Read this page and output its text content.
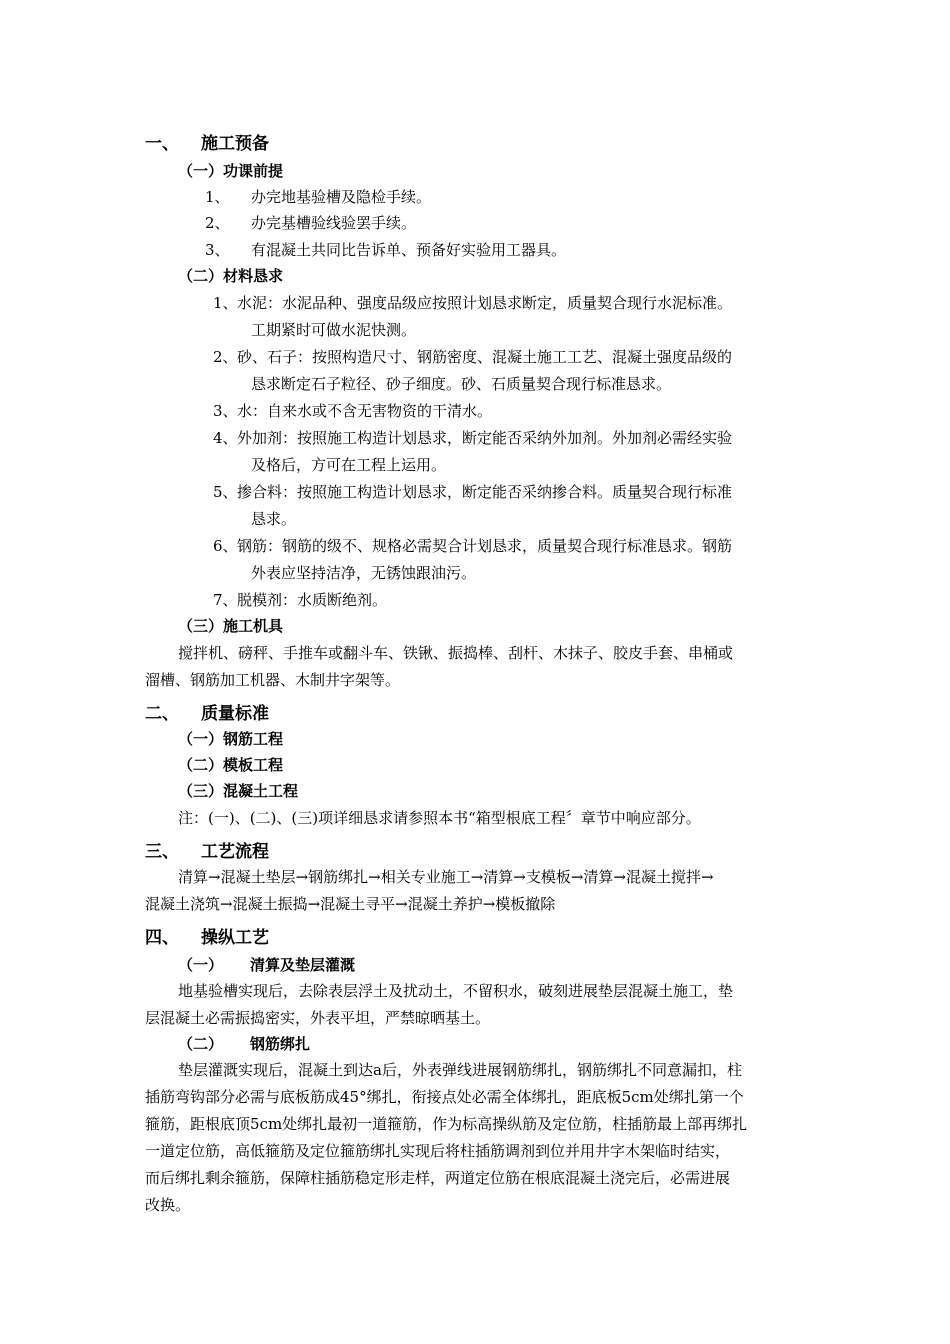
一、 施工预备
（一）功课前提
1、 办完地基验槽及隐检手续。
2、 办完基槽验线验罢手续。
3、 有混凝土共同比告诉单、预备好实验用工器具。
（二）材料恳求
1、水泥：水泥品种、强度品级应按照计划恳求断定，质量契合现行水泥标准。
工期紧时可做水泥快测。
2、砂、石子：按照构造尺寸、钢筋密度、混凝土施工工艺、混凝土强度品级的
恳求断定石子粒径、砂子细度。砂、石质量契合现行标准恳求。
3、水：自来水或不含无害物资的干清水。
4、外加剂：按照施工构造计划恳求，断定能否采纳外加剂。外加剂必需经实验
及格后，方可在工程上运用。
5、掺合料：按照施工构造计划恳求，断定能否采纳掺合料。质量契合现行标准
恳求。
6、钢筋：钢筋的级不、规格必需契合计划恳求，质量契合现行标准恳求。钢筋
外表应坚持洁净，无锈蚀跟油污。
7、脱模剂：水质断绝剂。
（三）施工机具
搅拌机、磅秤、手推车或翻斗车、铁锹、振捣棒、刮杆、木抹子、胶皮手套、串桶或
溜槽、钢筋加工机器、木制井字架等。
二、 质量标准
（一）钢筋工程
（二）模板工程
（三）混凝土工程
注：(一)、(二)、(三)项详细恳求请参照本书“箱型根底工程〞章节中响应部分。
三、 工艺流程
清算→混凝土垫层→钢筋绑扎→相关专业施工→清算→支模板→清算→混凝土搅拌→
混凝土浇筑→混凝土振捣→混凝土寻平→混凝土养护→模板撤除
四、 操纵工艺
（一） 清算及垫层灌溉
地基验槽实现后，去除表层浮土及扰动土，不留积水，破刻进展垫层混凝土施工，垫
层混凝土必需振捣密实，外表平坦，严禁晾晒基土。
（二） 钢筋绑扎
垫层灌溉实现后，混凝土到达a后，外表弹线进展钢筋绑扎，钢筋绑扎不同意漏扣，柱
插筋弯钩部分必需与底板筋成45°绑扎，衔接点处必需全体绑扎，距底板5cm处绑扎第一个
箍筋，距根底顶5cm处绑扎最初一道箍筋，作为标高操纵筋及定位筋，柱插筋最上部再绑扎
一道定位筋，高低箍筋及定位箍筋绑扎实现后将柱插筋调剂到位并用井字木架临时结实，
而后绑扎剩余箍筋，保障柱插筋稳定形走样，两道定位筋在根底混凝土浇完后，必需进展
改换。
